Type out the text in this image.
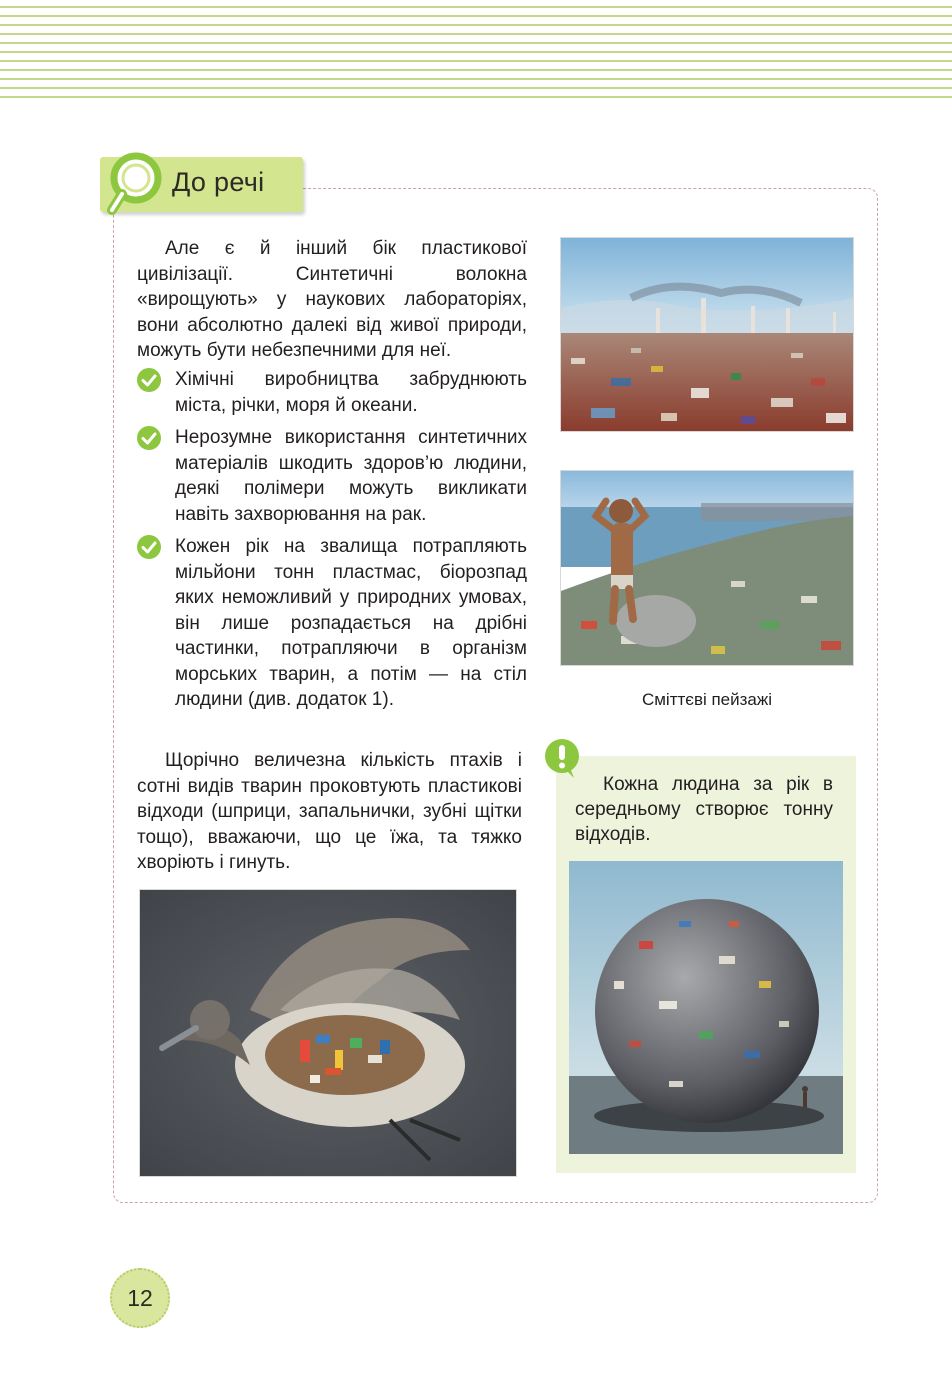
До речі

Але є й інший бік пластикової цивілізації. Синтетичні волокна «вирощують» у наукових лабораторіях, вони абсолютно далекі від живої природи, можуть бути небезпечними для неї.

Хімічні виробництва забруднюють міста, річки, моря й океани.
Нерозумне використання синтетичних матеріалів шкодить здоров’ю людини, деякі полімери можуть викликати навіть захворювання на рак.
Кожен рік на звалища потрапляють мільйони тонн пластмас, біорозпад яких неможливий у природних умовах, він лише розпадається на дрібні частинки, потрапляючи в організм морських тварин, а потім — на стіл людини (див. додаток 1).

Щорічно величезна кількість птахів і сотні видів тварин проковтують пластикові відходи (шприци, запальнички, зубні щітки тощо), вважаючи, що це їжа, та тяжко хворіють і гинуть.

Сміттєві пейзажі

Кожна людина за рік в середньому створює тонну відходів.

12
